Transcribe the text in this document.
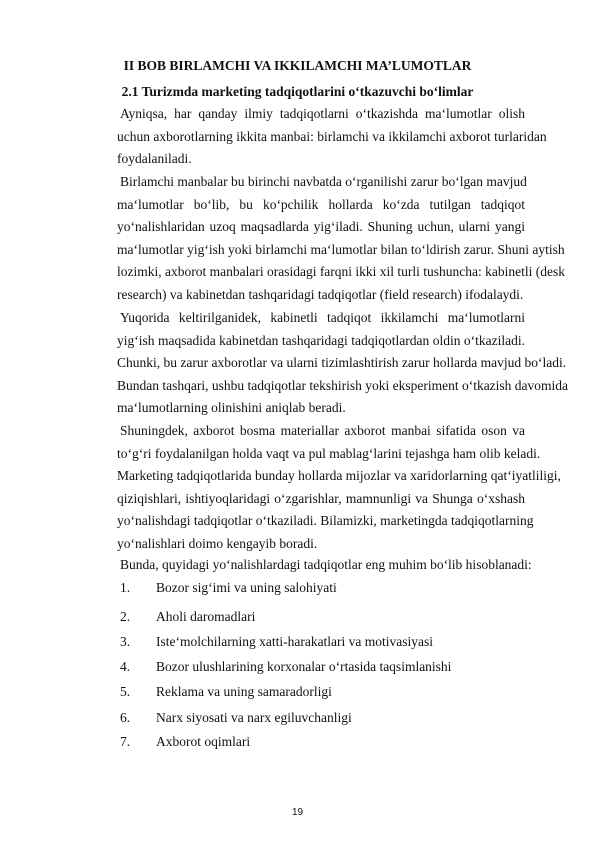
II BOB BIRLAMCHI VA IKKILAMCHI MA’LUMOTLAR
2.1 Turizmda marketing tadqiqotlarini o‘tkazuvchi bo‘limlar
Ayniqsa, har qanday ilmiy tadqiqotlarni o‘tkazishda ma‘lumotlar olish
uchun axborotlarning ikkita manbai: birlamchi va ikkilamchi axborot turlaridan
foydalaniladi.
Birlamchi manbalar bu birinchi navbatda o‘rganilishi zarur bo‘lgan mavjud
ma‘lumotlar bo‘lib, bu ko‘pchilik hollarda ko‘zda tutilgan tadqiqot
yo‘nalishlaridan uzoq maqsadlarda yig‘iladi. Shuning uchun, ularni yangi
ma‘lumotlar yig‘ish yoki birlamchi ma‘lumotlar bilan to‘ldirish zarur. Shuni aytish
lozimki, axborot manbalari orasidagi farqni ikki xil turli tushuncha: kabinetli (desk
research) va kabinetdan tashqaridagi tadqiqotlar (field research) ifodalaydi.
Yuqorida keltirilganidek, kabinetli tadqiqot ikkilamchi ma‘lumotlarni
yig‘ish maqsadida kabinetdan tashqaridagi tadqiqotlardan oldin o‘tkaziladi.
Chunki, bu zarur axborotlar va ularni tizimlashtirish zarur hollarda mavjud bo‘ladi.
Bundan tashqari, ushbu tadqiqotlar tekshirish yoki eksperiment o‘tkazish davomida
ma‘lumotlarning olinishini aniqlab beradi.
Shuningdek, axborot bosma materiallar axborot manbai sifatida oson va
to‘g‘ri foydalanilgan holda vaqt va pul mablag‘larini tejashga ham olib keladi.
Marketing tadqiqotlarida bunday hollarda mijozlar va xaridorlarning qat‘iyatliligi,
qiziqishlari, ishtiyoqlaridagi o‘zgarishlar, mamnunligi va Shunga o‘xshash
yo‘nalishdagi tadqiqotlar o‘tkaziladi. Bilamizki, marketingda tadqiqotlarning
yo‘nalishlari doimo kengayib boradi.
Bunda, quyidagi yo‘nalishlardagi tadqiqotlar eng muhim bo‘lib hisoblanadi:
1. Bozor sig‘imi va uning salohiyati
2. Aholi daromadlari
3. Iste‘molchilarning xatti-harakatlari va motivasiyasi
4. Bozor ulushlarining korxonalar o‘rtasida taqsimlanishi
5. Reklama va uning samaradorligi
6. Narx siyosati va narx egiluvchanligi
7. Axborot oqimlari
19
